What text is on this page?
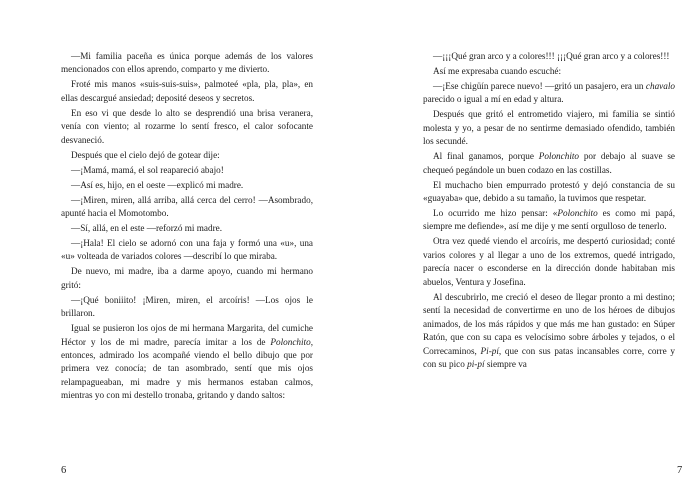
—Mi familia paceña es única porque además de los valores mencionados con ellos aprendo, comparto y me divierto.

Froté mis manos «suis-suis-suis», palmoteé «pla, pla, pla», en ellas descargué ansiedad; deposité deseos y secretos.

En eso vi que desde lo alto se desprendió una brisa veranera, venía con viento; al rozarme lo sentí fresco, el calor sofocante desvaneció.

Después que el cielo dejó de gotear dije:

—¡Mamá, mamá, el sol reapareció abajo!

—Así es, hijo, en el oeste —explicó mi madre.

—¡Miren, miren, allá arriba, allá cerca del cerro! —Asombrado, apunté hacia el Momotombo.

—Sí, allá, en el este —reforzó mi madre.

—¡Hala! El cielo se adornó con una faja y formó una «u», una «u» volteada de variados colores —describí lo que miraba.

De nuevo, mi madre, iba a darme apoyo, cuando mi hermano gritó:

—¡Qué boniiito! ¡Miren, miren, el arcoíris! —Los ojos le brillaron.

Igual se pusieron los ojos de mi hermana Margarita, del cumiche Héctor y los de mi madre, parecía imitar a los de Polonchito, entonces, admirado los acompañé viendo el bello dibujo que por primera vez conocía; de tan asombrado, sentí que mis ojos relampagueaban, mi madre y mis hermanos estaban calmos, mientras yo con mi destello tronaba, gritando y dando saltos:

6

—¡¡¡Qué gran arco y a colores!!! ¡¡¡Qué gran arco y a colores!!!

Así me expresaba cuando escuché:

—¡Ese chigüín parece nuevo! —gritó un pasajero, era un chavalo parecido o igual a mí en edad y altura.

Después que gritó el entrometido viajero, mi familia se sintió molesta y yo, a pesar de no sentirme demasiado ofendido, también los secundé.

Al final ganamos, porque Polonchito por debajo al suave se chequeó pegándole un buen codazo en las costillas.

El muchacho bien empurrado protestó y dejó constancia de su «guayaba» que, debido a su tamaño, la tuvimos que respetar.

Lo ocurrido me hizo pensar: «Polonchito es como mi papá, siempre me defiende», así me dije y me sentí orgulloso de tenerlo.

Otra vez quedé viendo el arcoíris, me despertó curiosidad; conté varios colores y al llegar a uno de los extremos, quedé intrigado, parecía nacer o esconderse en la dirección donde habitaban mis abuelos, Ventura y Josefina.

Al descubrirlo, me creció el deseo de llegar pronto a mi destino; sentí la necesidad de convertirme en uno de los héroes de dibujos animados, de los más rápidos y que más me han gustado: en Súper Ratón, que con su capa es velocísimo sobre árboles y tejados, o el Correcaminos, Pi-pí, que con sus patas incansables corre, corre y con su pico pi-pí siempre va

7
